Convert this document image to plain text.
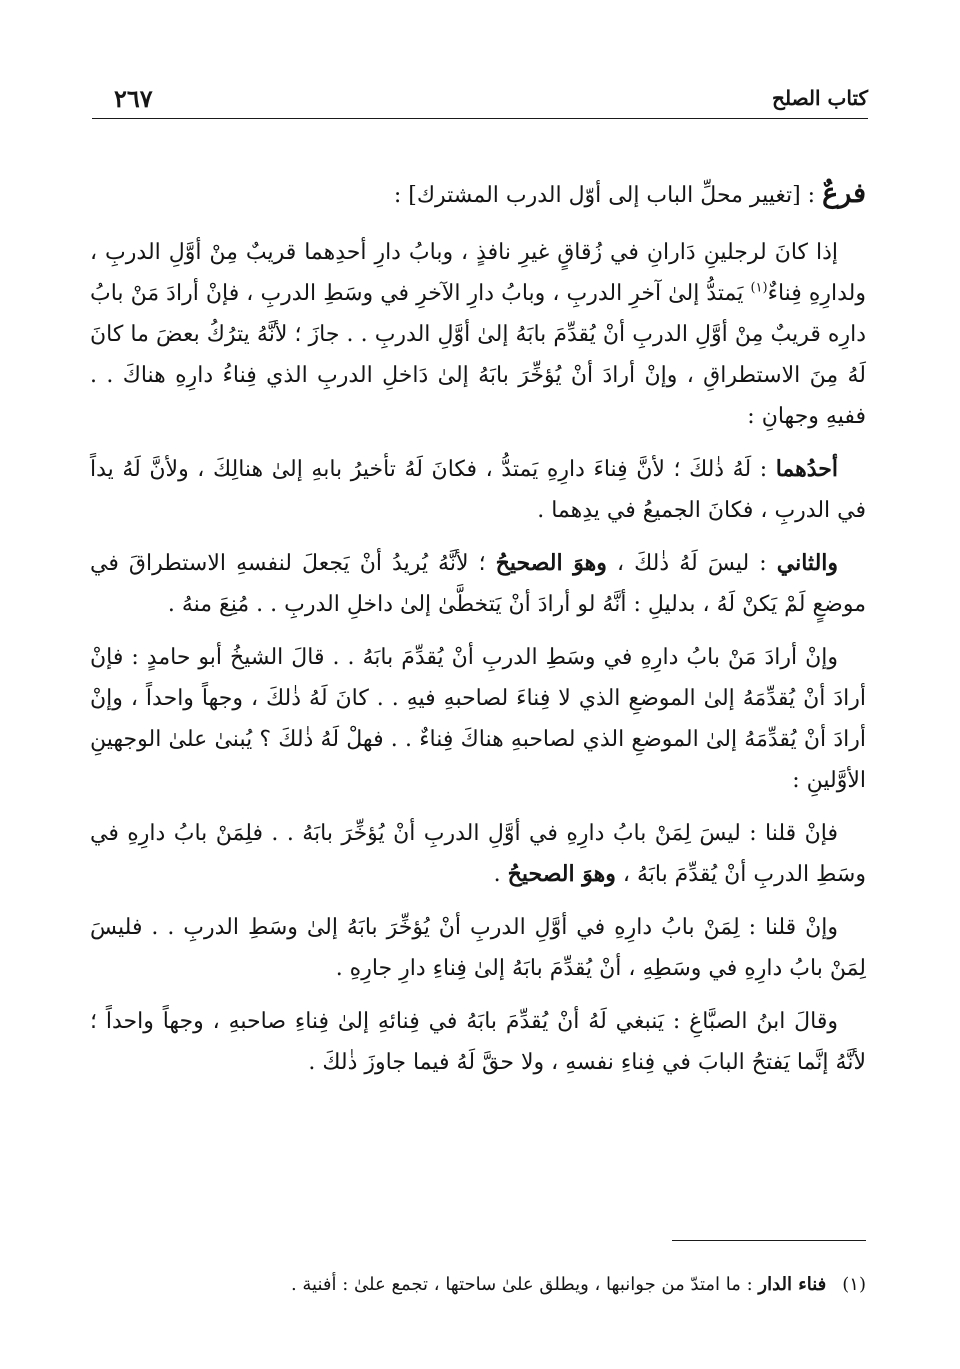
كتاب الصلح
٢٦٧

فرعٌ : [تغيير محلِّ الباب إلى أوّل الدرب المشترك] :

إذا كانَ لرجلينِ دَارانِ في زُقاقٍ غيرِ نافذٍ ، وبابُ دارِ أحدِهما قريبٌ مِنْ أوَّلِ الدربِ ، ولدارِهِ فِناءٌ$^{(١)}$ يَمتدُّ إلىٰ آخرِ الدربِ ، وبابُ دارِ الآخرِ في وسَطِ الدربِ ، فإنْ أرادَ مَنْ بابُ دارِه قريبٌ مِنْ أوَّلِ الدربِ أنْ يُقدِّمَ بابَهُ إلىٰ أوَّلِ الدربِ . . جازَ ؛ لأنَّهُ يترُكُ بعضَ ما كانَ لَهُ مِنَ الاستطراقِ ، وإنْ أرادَ أنْ يُؤخِّرَ بابَهُ إلىٰ دَاخلِ الدربِ الذي فِناءُ دارِهِ هناكَ . . ففيهِ وجهانِ :

أحدُهما : لَهُ ذٰلكَ ؛ لأنَّ فِناءَ دارِهِ يَمتدُّ ، فكانَ لَهُ تأخيرُ بابهِ إلىٰ هنالِكَ ، ولأنَّ لَهُ يداً في الدربِ ، فكانَ الجميعُ في يدِهما .

والثاني : ليسَ لَهُ ذٰلكَ ، وهوَ الصحيحُ ؛ لأنَّهُ يُريدُ أنْ يَجعلَ لنفسهِ الاستطراقَ في موضعٍ لَمْ يَكنْ لَهُ ، بدليلِ : أنَّهُ لو أرادَ أنْ يَتخطَّىٰ إلىٰ داخلِ الدربِ . . مُنِعَ منهُ .

وإنْ أرادَ مَنْ بابُ دارِهِ في وسَطِ الدربِ أنْ يُقدِّمَ بابَهُ . . قالَ الشيخُ أبو حامدٍ : فإنْ أرادَ أنْ يُقدِّمَهُ إلىٰ الموضعِ الذي لا فِناءَ لصاحبهِ فيهِ . . كانَ لَهُ ذٰلكَ ، وجهاً واحداً ، وإنْ أرادَ أنْ يُقدِّمَهُ إلىٰ الموضعِ الذي لصاحبهِ هناكَ فِناءٌ . . فهلْ لَهُ ذٰلكَ ؟ يُبنىٰ علىٰ الوجهينِ الأوَّلينِ :

فإنْ قلنا : ليسَ لِمَنْ بابُ دارِهِ في أوَّلِ الدربِ أنْ يُؤخِّرَ بابَهُ . . فلِمَنْ بابُ دارِهِ في وسَطِ الدربِ أنْ يُقدِّمَ بابَهُ ، وهوَ الصحيحُ .

وإنْ قلنا : لِمَنْ بابُ دارِهِ في أوَّلِ الدربِ أنْ يُؤخِّرَ بابَهُ إلىٰ وسَطِ الدربِ . . فليسَ لِمَنْ بابُ دارِهِ في وسَطِهِ ، أنْ يُقدِّمَ بابَهُ إلىٰ فِناءِ دارِ جارِهِ .

وقالَ ابنُ الصبَّاغِ : يَنبغي لَهُ أنْ يُقدِّمَ بابَهُ في فِنائهِ إلىٰ فِناءِ صاحبهِ ، وجهاً واحداً ؛ لأنَّهُ إنَّما يَفتحُ البابَ في فِناءِ نفسهِ ، ولا حقَّ لَهُ فيما جاوزَ ذٰلكَ .

(١)فناء الدار : ما امتدّ من جوانبها ، ويطلق علىٰ ساحتها ، تجمع علىٰ : أفنية .
